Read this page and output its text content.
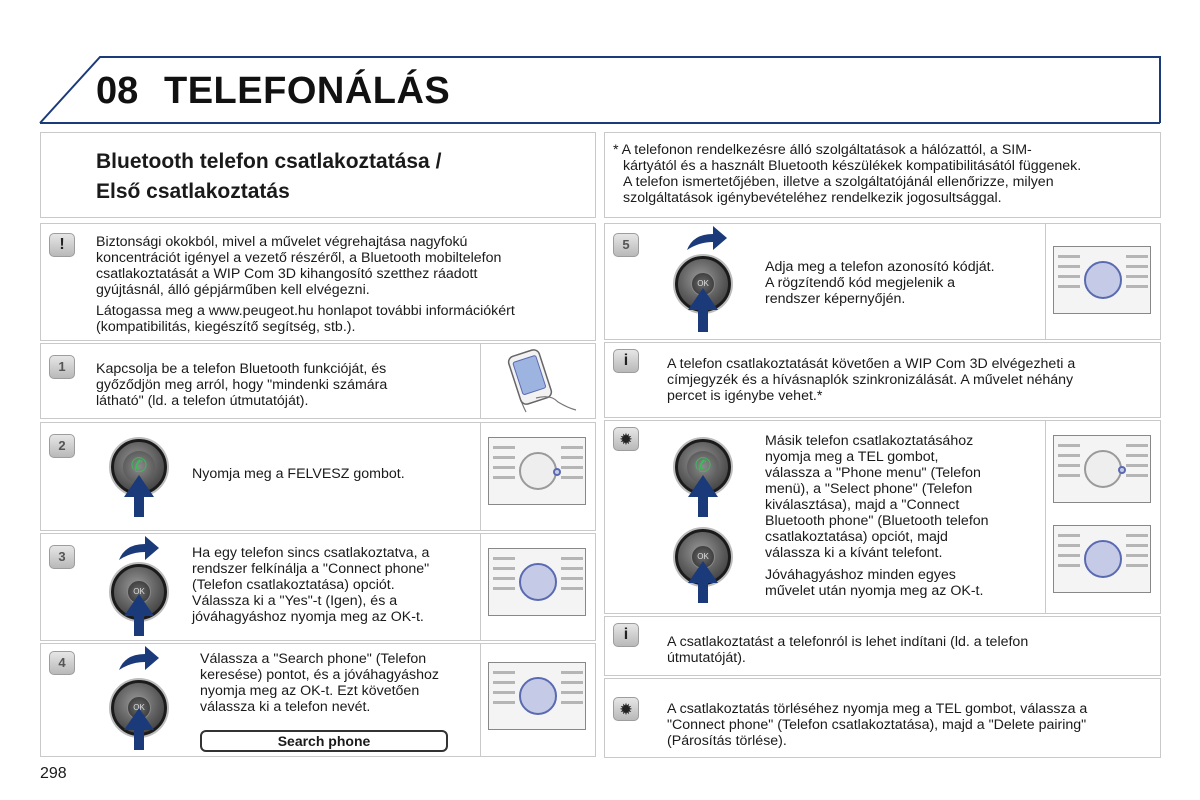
08 TELEFONÁLÁS
Bluetooth telefon csatlakoztatása /
Első csatlakoztatás
* A telefonon rendelkezésre álló szolgáltatások a hálózattól, a SIM-
kártyától és a használt Bluetooth készülékek kompatibilitásától függenek.
A telefon ismertetőjében, illetve a szolgáltatójánál ellenőrizze, milyen
szolgáltatások igénybevételéhez rendelkezik jogosultsággal.
!	Biztonsági okokból, mivel a művelet végrehajtása nagyfokú
koncentrációt igényel a vezető részéről, a Bluetooth mobiltelefon
csatlakoztatását a WIP Com 3D kihangosító szetthez ráadott
gyújtásnál, álló gépjárműben kell elvégezni.
Látogassa meg a www.peugeot.hu honlapot további információkért
(kompatibilitás, kiegészítő segítség, stb.).
1	Kapcsolja be a telefon Bluetooth funkcióját, és
győződjön meg arról, hogy "mindenki számára
látható" (ld. a telefon útmutatóját).
2
✆	Nyomja meg a FELVESZ gombot.
3
OK
Ha egy telefon sincs csatlakoztatva, a
rendszer felkínálja a "Connect phone"
(Telefon csatlakoztatása) opciót.
Válassza ki a "Yes"-t (Igen), és a
jóváhagyáshoz nyomja meg az OK-t.
4
OK
Válassza a "Search phone" (Telefon
keresése) pontot, és a jóváhagyáshoz
nyomja meg az OK-t. Ezt követően
válassza ki a telefon nevét.
Search phone
5
OK
Adja meg a telefon azonosító kódját.
A rögzítendő kód megjelenik a
rendszer képernyőjén.
i	A telefon csatlakoztatását követően a WIP Com 3D elvégezheti a
címjegyzék és a hívásnaplók szinkronizálását. A művelet néhány
percet is igénybe vehet.*
✹
✆
OK
Másik telefon csatlakoztatásához
nyomja meg a TEL gombot,
válassza a "Phone menu" (Telefon
menü), a "Select phone" (Telefon
kiválasztása), majd a "Connect
Bluetooth phone" (Bluetooth telefon
csatlakoztatása) opciót, majd
válassza ki a kívánt telefont.
Jóváhagyáshoz minden egyes
művelet után nyomja meg az OK-t.
i	A csatlakoztatást a telefonról is lehet indítani (ld. a telefon
útmutatóját).
✹	A csatlakoztatás törléséhez nyomja meg a TEL gombot, válassza a
"Connect phone" (Telefon csatlakoztatása), majd a "Delete pairing"
(Párosítás törlése).
298
